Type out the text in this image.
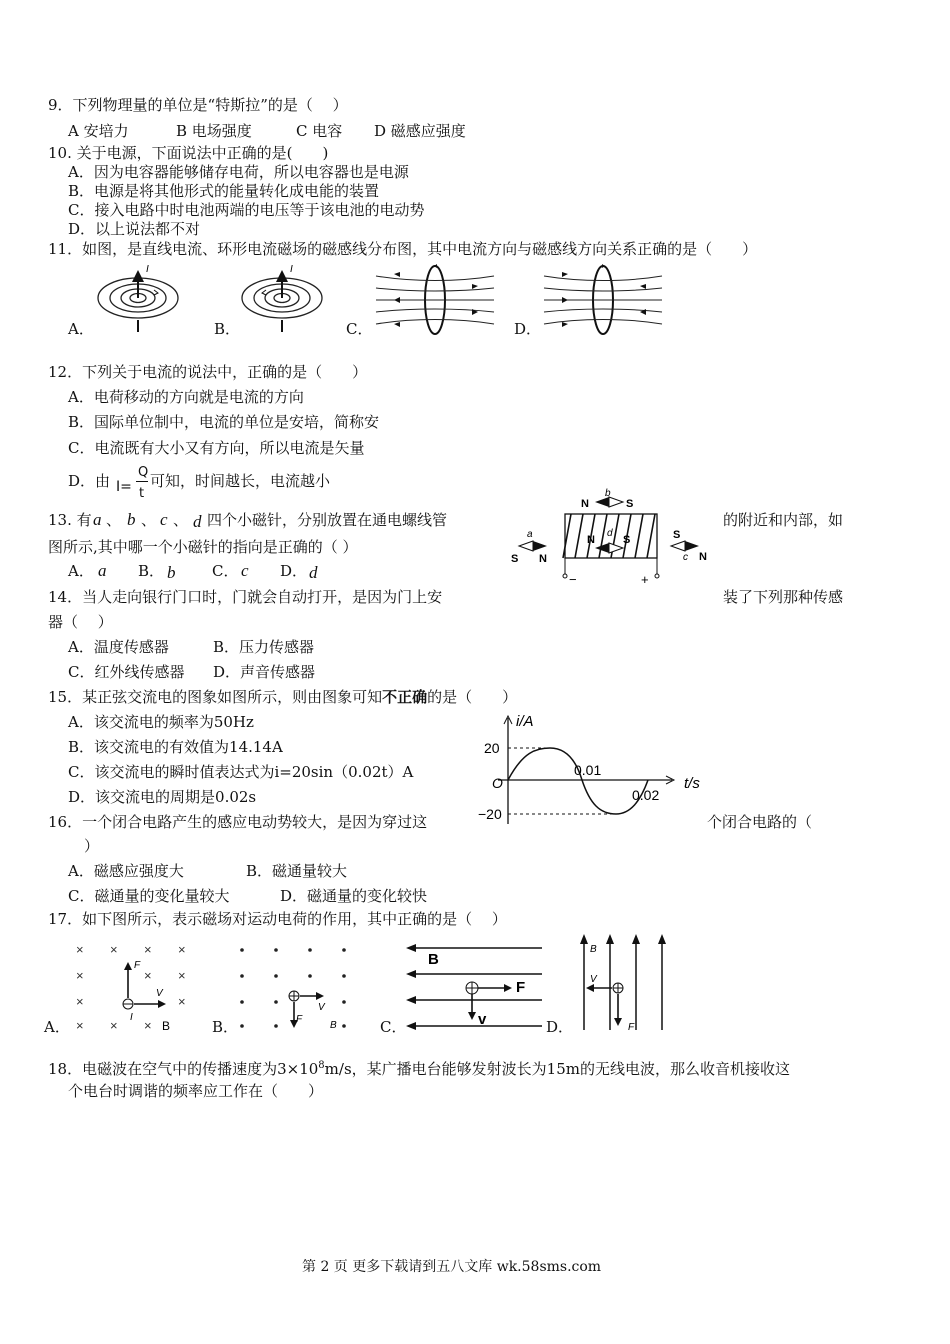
9．下列物理量的单位是“特斯拉”的是（　 ）
A 安培力	B 电场强度	C 电容 D 磁感应强度
10. 关于电源，下面说法中正确的是(　　)
A．因为电容器能够储存电荷，所以电容器也是电源
B．电源是将其他形式的能量转化成电能的装置
C．接入电路中时电池两端的电压等于该电池的电动势
D．以上说法都不对
11．如图，是直线电流、环形电流磁场的磁感线分布图，其中电流方向与磁感线方向关系正确的是（　　）
A．	B．	C．	D．
I	I
12．下列关于电流的说法中，正确的是（　　）
A．电荷移动的方向就是电流的方向
B．国际单位制中，电流的单位是安培，简称安
C．电流既有大小又有方向，所以电流是矢量
D．由 I=
Q
t
可知，时间越长，电流越小
13. 有 a 、 b 、 c 、 d 四个小磁针，分别放置在通电螺线管	的附近和内部，如
图所示,其中哪一个小磁针的指向是正确的（ ）
A． a B． b C． c D． d	−	+
N	S
b
N	S
d
S N
a	S
N
c
14．当人走向银行门口时，门就会自动打开，是因为门上安	装了下列那种传感
器（　 ）
A．温度传感器	B．压力传感器
C．红外线传感器 D．声音传感器
15．某正弦交流电的图象如图所示，则由图象可知不正确的是（　　）
A．该交流电的频率为50Hz
B．该交流电的有效值为14.14A
C．该交流电的瞬时值表达式为i=20sin（0.02t）A
D．该交流电的周期是0.02s
i/A
t/s
O
20
−20
0.01
0.02
16．一个闭合电路产生的感应电动势较大，是因为穿过这	个闭合电路的（
）
A．磁感应强度大	B．磁通量较大
C．磁通量的变化量较大	D．磁通量的变化较快
17．如下图所示，表示磁场对运动电荷的作用，其中正确的是（　 ）
A．	B．	C．	D．
× × × ×
×	× ×
×	×
× × ×
F
V
I
B
V
F
B
B
F
v
B
V
F
18．电磁波在空气中的传播速度为$3\times 10^8m/s$，某广播电台能够发射波长为15m的无线电波，那么收音机接收这
个电台时调谐的频率应工作在（　　）
第 2 页 更多下载请到五八文库 wk.58sms.com
